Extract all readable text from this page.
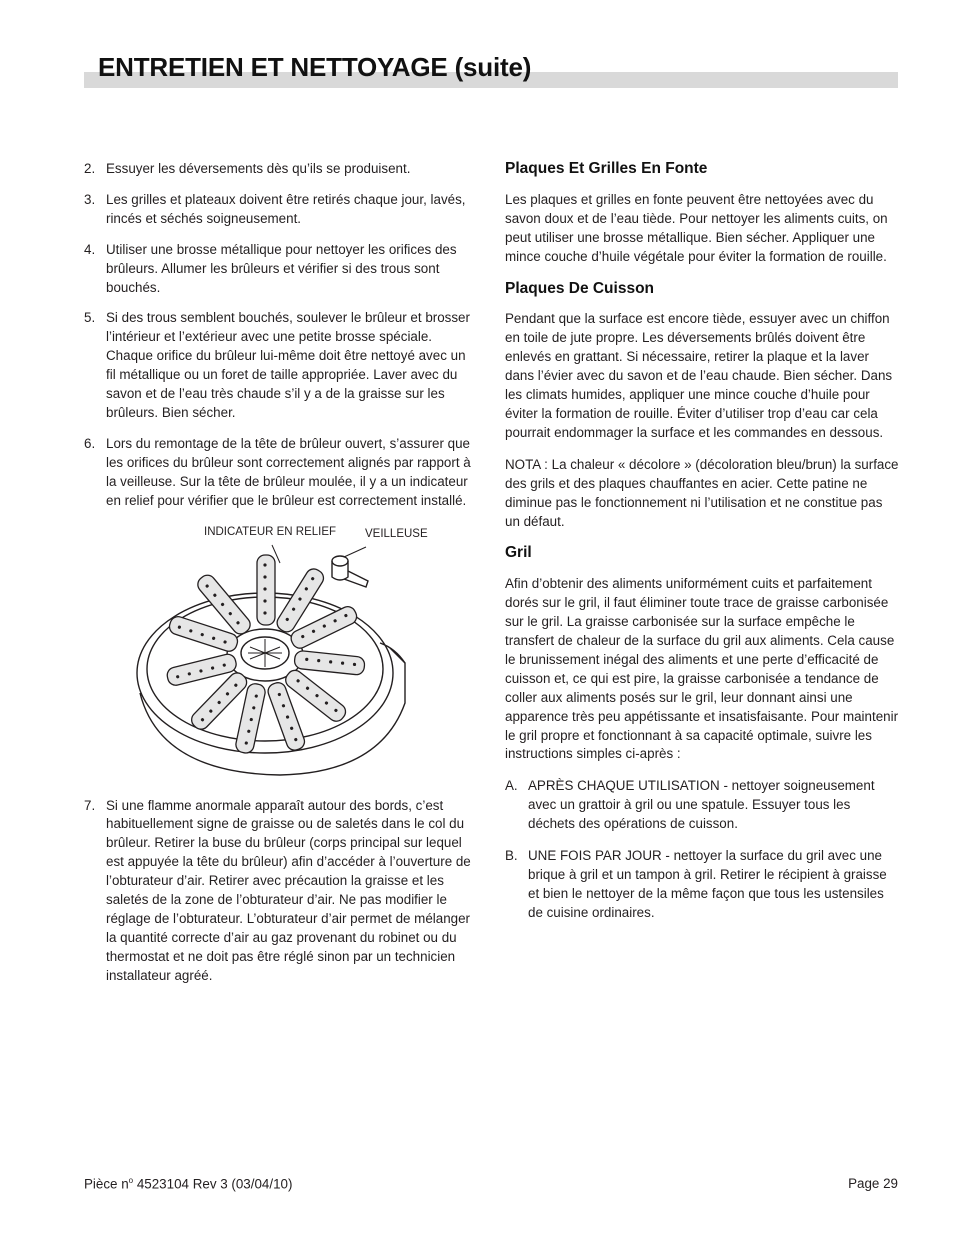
ENTRETIEN ET NETTOYAGE (suite)
2. Essuyer les déversements dès qu’ils se produisent.
3. Les grilles et plateaux doivent être retirés chaque jour, lavés, rincés et séchés soigneusement.
4. Utiliser une brosse métallique pour nettoyer les orifices des brûleurs. Allumer les brûleurs et vérifier si des trous sont bouchés.
5. Si des trous semblent bouchés, soulever le brûleur et brosser l’intérieur et l’extérieur avec une petite brosse spéciale. Chaque orifice du brûleur lui-même doit être nettoyé avec un fil métallique ou un foret de taille appropriée. Laver avec du savon et de l’eau très chaude s’il y a de la graisse sur les brûleurs. Bien sécher.
6. Lors du remontage de la tête de brûleur ouvert, s’assurer que les orifices du brûleur sont correctement alignés par rapport à la veilleuse. Sur la tête de brûleur moulée, il y a un indicateur en relief pour vérifier que le brûleur est correctement installé.
INDICATEUR EN RELIEF	VEILLEUSE
7. Si une flamme anormale apparaît autour des bords, c’est habituellement signe de graisse ou de saletés dans le col du brûleur. Retirer la buse du brûleur (corps principal sur lequel est appuyée la tête du brûleur) afin d’accéder à l’ouverture de l’obturateur d’air. Retirer avec précaution la graisse et les saletés de la zone de l’obturateur d’air. Ne pas modifier le réglage de l’obturateur. L’obturateur d’air permet de mélanger la quantité correcte d’air au gaz provenant du robinet ou du thermostat et ne doit pas être réglé sinon par un technicien installateur agréé.
Plaques Et Grilles En Fonte

Les plaques et grilles en fonte peuvent être nettoyées avec du savon doux et de l’eau tiède. Pour nettoyer les aliments cuits, on peut utiliser une brosse métallique. Bien sécher. Appliquer une mince couche d’huile végétale pour éviter la formation de rouille.

Plaques De Cuisson

Pendant que la surface est encore tiède, essuyer avec un chiffon en toile de jute propre. Les déversements brûlés doivent être enlevés en grattant. Si nécessaire, retirer la plaque et la laver dans l’évier avec du savon et de l’eau chaude. Bien sécher. Dans les climats humides, appliquer une mince couche d’huile pour éviter la formation de rouille. Éviter d’utiliser trop d’eau car cela pourrait endommager la surface et les commandes en dessous.

NOTA : La chaleur « décolore » (décoloration bleu/brun) la surface des grils et des plaques chauffantes en acier. Cette patine ne diminue pas le fonctionnement ni l’utilisation et ne constitue pas un défaut.

Gril

Afin d’obtenir des aliments uniformément cuits et parfaitement dorés sur le gril, il faut éliminer toute trace de graisse carbonisée sur le gril. La graisse carbonisée sur la surface empêche le transfert de chaleur de la surface du gril aux aliments. Cela cause le brunissement inégal des aliments et une perte d’efficacité de cuisson et, ce qui est pire, la graisse carbonisée a tendance de coller aux aliments posés sur le gril, leur donnant ainsi une apparence très peu appétissante et insatisfaisante. Pour maintenir le gril propre et fonctionnant à sa capacité optimale, suivre les instructions simples ci-après :

A. APRÈS CHAQUE UTILISATION - nettoyer soigneusement avec un grattoir à gril ou une spatule. Essuyer tous les déchets des opérations de cuisson.
B. UNE FOIS PAR JOUR - nettoyer la surface du gril avec une brique à gril et un tampon à gril. Retirer le récipient à graisse et bien le nettoyer de la même façon que tous les ustensiles de cuisine ordinaires.
Pièce $n^o$ 4523104 Rev 3 (03/04/10)	Page 29
